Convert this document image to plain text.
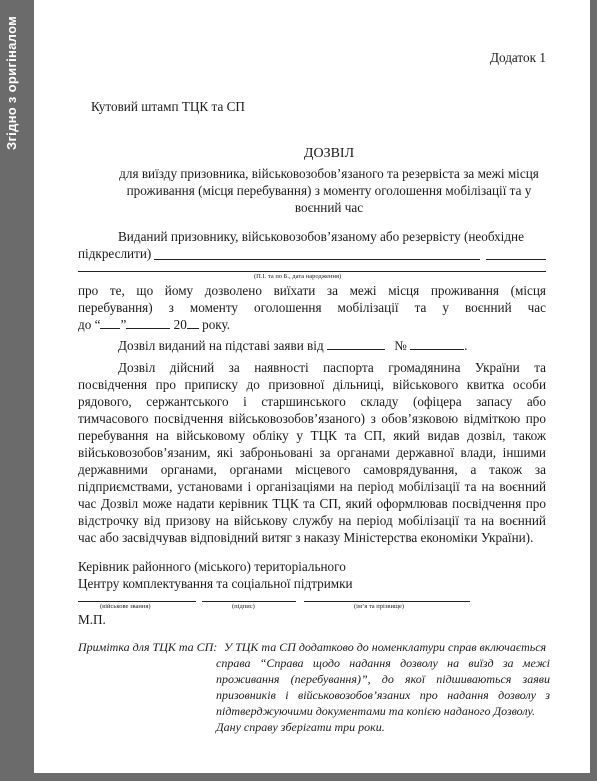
Згідно з оригіналом	Додаток 1
Кутовий штамп ТЦК та СП
ДОЗВІЛ
для виїзду призовника, військовозобов’язаного та резервіста за межі місця
проживання (місця перебування) з моменту оголошення мобілізації та у
воєнний час
Виданий призовнику, військовозобов’язаному або резервісту (необхідне
підкреслити)
(П.І. та по Б., дата народження)
про те, що йому дозволено виїхати за межі місця проживання (місця
перебування) з моменту оголошення мобілізації та у воєнний час
до “ ”	20 року.
Дозвіл виданий на підставі заяви від	№	.
Дозвіл дійсний за наявності паспорта громадянина України та
посвідчення про приписку до призовної дільниці, військового квитка особи
рядового, сержантського і старшинського складу (офіцера запасу або
тимчасового посвідчення військовозобов’язаного) з обов’язковою відміткою про
перебування на військовому обліку у ТЦК та СП, який видав дозвіл, також
військовозобов’язаним, які заброньовані за органами державної влади, іншими
державними органами, органами місцевого самоврядування, а також за
підприємствами, установами і організаціями на період мобілізації та на воєнний
час Дозвіл може надати керівник ТЦК та СП, який оформлював посвідчення про
відстрочку від призову на військову службу на період мобілізації та на воєнний
час або засвідчував відповідний витяг з наказу Міністерства економіки України).
Керівник районного (міського) територіального
Центру комплектування та соціальної підтримки
(військове звання)	(підпис)	(ім’я та прізвище)
М.П.
Примітка для ТЦК та СП: У ТЦК та СП додатково до номенклатури справ включається
справа “Справа щодо надання дозволу на виїзд за межі
проживання (перебування)”, до якої підшиваються заяви
призовників і військовозобов’язаних про надання дозволу з
підтверджуючими документами та копією наданого Дозволу.
Дану справу зберігати три роки.
